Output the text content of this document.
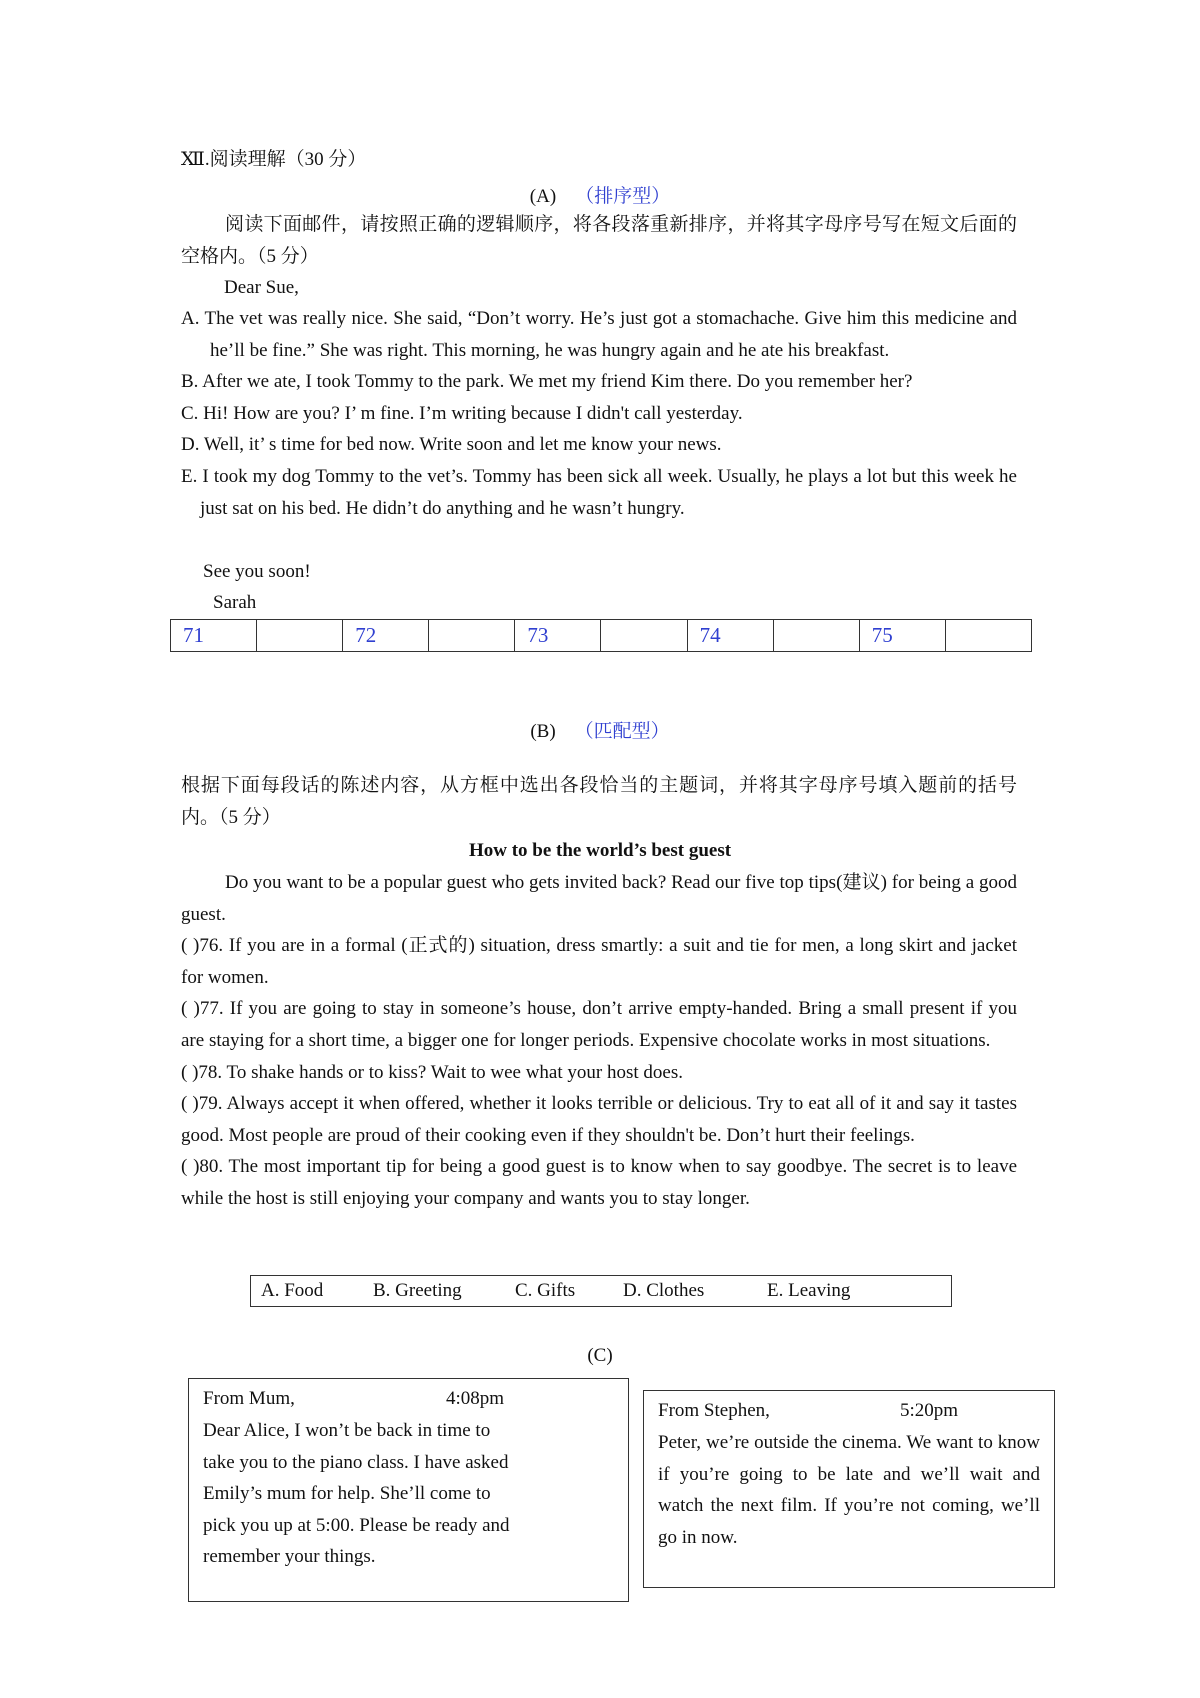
Ⅻ.阅读理解（30 分）
(A) （排序型）
阅读下面邮件，请按照正确的逻辑顺序，将各段落重新排序，并将其字母序号写在短文后面的空格内。（5 分）
Dear Sue,
A. The vet was really nice. She said, “Don’t worry. He’s just got a stomachache. Give him this medicine and he’ll be fine.” She was right. This morning, he was hungry again and he ate his breakfast.
B. After we ate, I took Tommy to the park. We met my friend Kim there. Do you remember her?
C. Hi! How are you? I’ m fine. I’m writing because I didn't call yesterday.
D. Well, it’ s time for bed now. Write soon and let me know your news.
E. I took my dog Tommy to the vet’s. Tommy has been sick all week. Usually, he plays a lot but this week he just sat on his bed. He didn’t do anything and he wasn’t hungry.
See you soon!
Sarah
71		72		73		74		75	
(B) （匹配型）
根据下面每段话的陈述内容，从方框中选出各段恰当的主题词，并将其字母序号填入题前的括号内。（5 分）
How to be the world’s best guest
Do you want to be a popular guest who gets invited back? Read our five top tips(建议) for being a good guest.
( )76. If you are in a formal (正式的) situation, dress smartly: a suit and tie for men, a long skirt and jacket for women.
( )77. If you are going to stay in someone’s house, don’t arrive empty-handed. Bring a small present if you are staying for a short time, a bigger one for longer periods. Expensive chocolate works in most situations.
( )78. To shake hands or to kiss? Wait to wee what your host does.
( )79. Always accept it when offered, whether it looks terrible or delicious. Try to eat all of it and say it tastes good. Most people are proud of their cooking even if they shouldn't be. Don’t hurt their feelings.
( )80. The most important tip for being a good guest is to know when to say goodbye. The secret is to leave while the host is still enjoying your company and wants you to stay longer.
A. Food	B. Greeting	C. Gifts	D. Clothes	E. Leaving
(C)
From Mum,	4:08pm
Dear Alice, I won’t be back in time to
take you to the piano class. I have asked
Emily’s mum for help. She’ll come to
pick you up at 5:00. Please be ready and
remember your things.
From Stephen,	5:20pm
Peter, we’re outside the cinema. We want to know if you’re going to be late and we’ll wait and watch the next film. If you’re not coming, we’ll go in now.
